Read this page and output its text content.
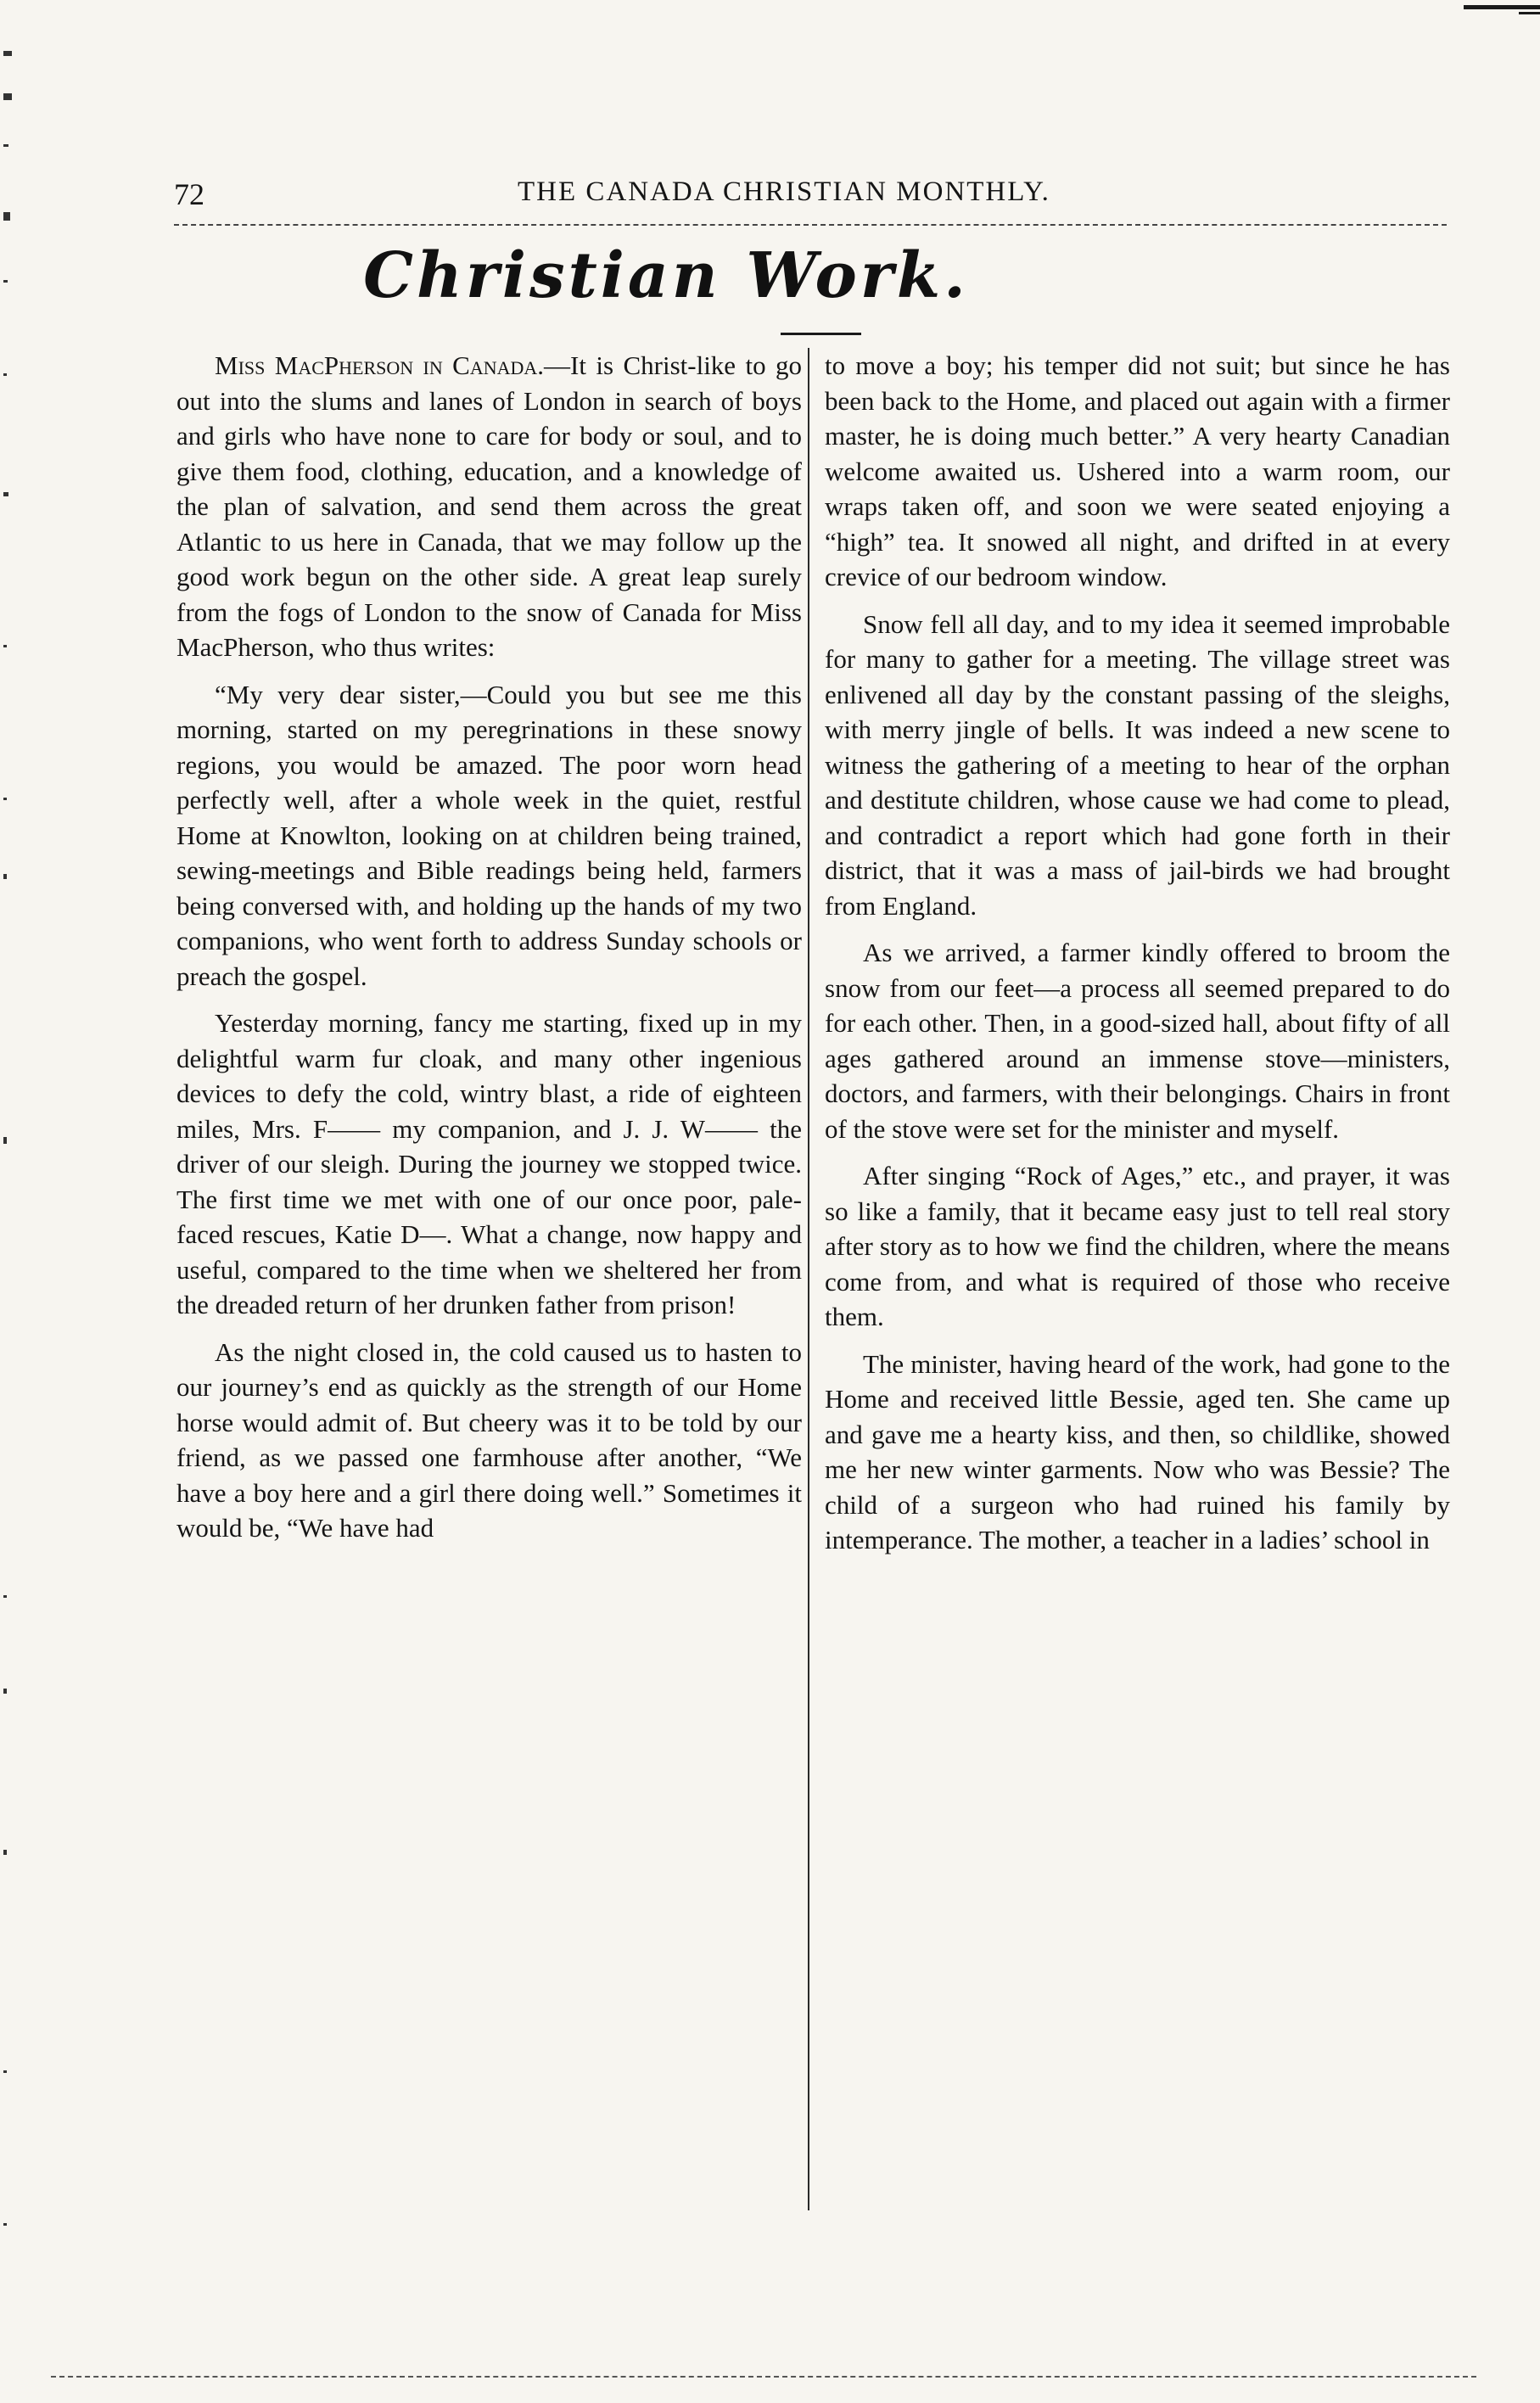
72	THE CANADA CHRISTIAN MONTHLY.
Christian Work.

Miss MacPherson in Canada.—It is Christ-like to go out into the slums and lanes of London in search of boys and girls who have none to care for body or soul, and to give them food, clothing, education, and a knowledge of the plan of salvation, and send them across the great Atlantic to us here in Canada, that we may follow up the good work begun on the other side. A great leap surely from the fogs of London to the snow of Canada for Miss MacPherson, who thus writes:

“My very dear sister,—Could you but see me this morning, started on my peregrinations in these snowy regions, you would be amazed. The poor worn head perfectly well, after a whole week in the quiet, restful Home at Knowlton, looking on at children being trained, sewing-meetings and Bible readings being held, farmers being conversed with, and holding up the hands of my two companions, who went forth to address Sunday schools or preach the gospel.

Yesterday morning, fancy me starting, fixed up in my delightful warm fur cloak, and many other ingenious devices to defy the cold, wintry blast, a ride of eighteen miles, Mrs. F—— my companion, and J. J. W—— the driver of our sleigh. During the journey we stopped twice. The first time we met with one of our once poor, pale-faced rescues, Katie D—. What a change, now happy and useful, compared to the time when we sheltered her from the dreaded return of her drunken father from prison!

As the night closed in, the cold caused us to hasten to our journey’s end as quickly as the strength of our Home horse would admit of. But cheery was it to be told by our friend, as we passed one farmhouse after another, “We have a boy here and a girl there doing well.” Sometimes it would be, “We have had

to move a boy; his temper did not suit; but since he has been back to the Home, and placed out again with a firmer master, he is doing much better.” A very hearty Canadian welcome awaited us. Ushered into a warm room, our wraps taken off, and soon we were seated enjoying a “high” tea. It snowed all night, and drifted in at every crevice of our bedroom window.

Snow fell all day, and to my idea it seemed improbable for many to gather for a meeting. The village street was enlivened all day by the constant passing of the sleighs, with merry jingle of bells. It was indeed a new scene to witness the gathering of a meeting to hear of the orphan and destitute children, whose cause we had come to plead, and contradict a report which had gone forth in their district, that it was a mass of jail-birds we had brought from England.

As we arrived, a farmer kindly offered to broom the snow from our feet—a process all seemed prepared to do for each other. Then, in a good-sized hall, about fifty of all ages gathered around an immense stove—ministers, doctors, and farmers, with their belongings. Chairs in front of the stove were set for the minister and myself.

After singing “Rock of Ages,” etc., and prayer, it was so like a family, that it became easy just to tell real story after story as to how we find the children, where the means come from, and what is required of those who receive them.

The minister, having heard of the work, had gone to the Home and received little Bessie, aged ten. She came up and gave me a hearty kiss, and then, so childlike, showed me her new winter garments. Now who was Bessie? The child of a surgeon who had ruined his family by intemperance. The mother, a teacher in a ladies’ school in
